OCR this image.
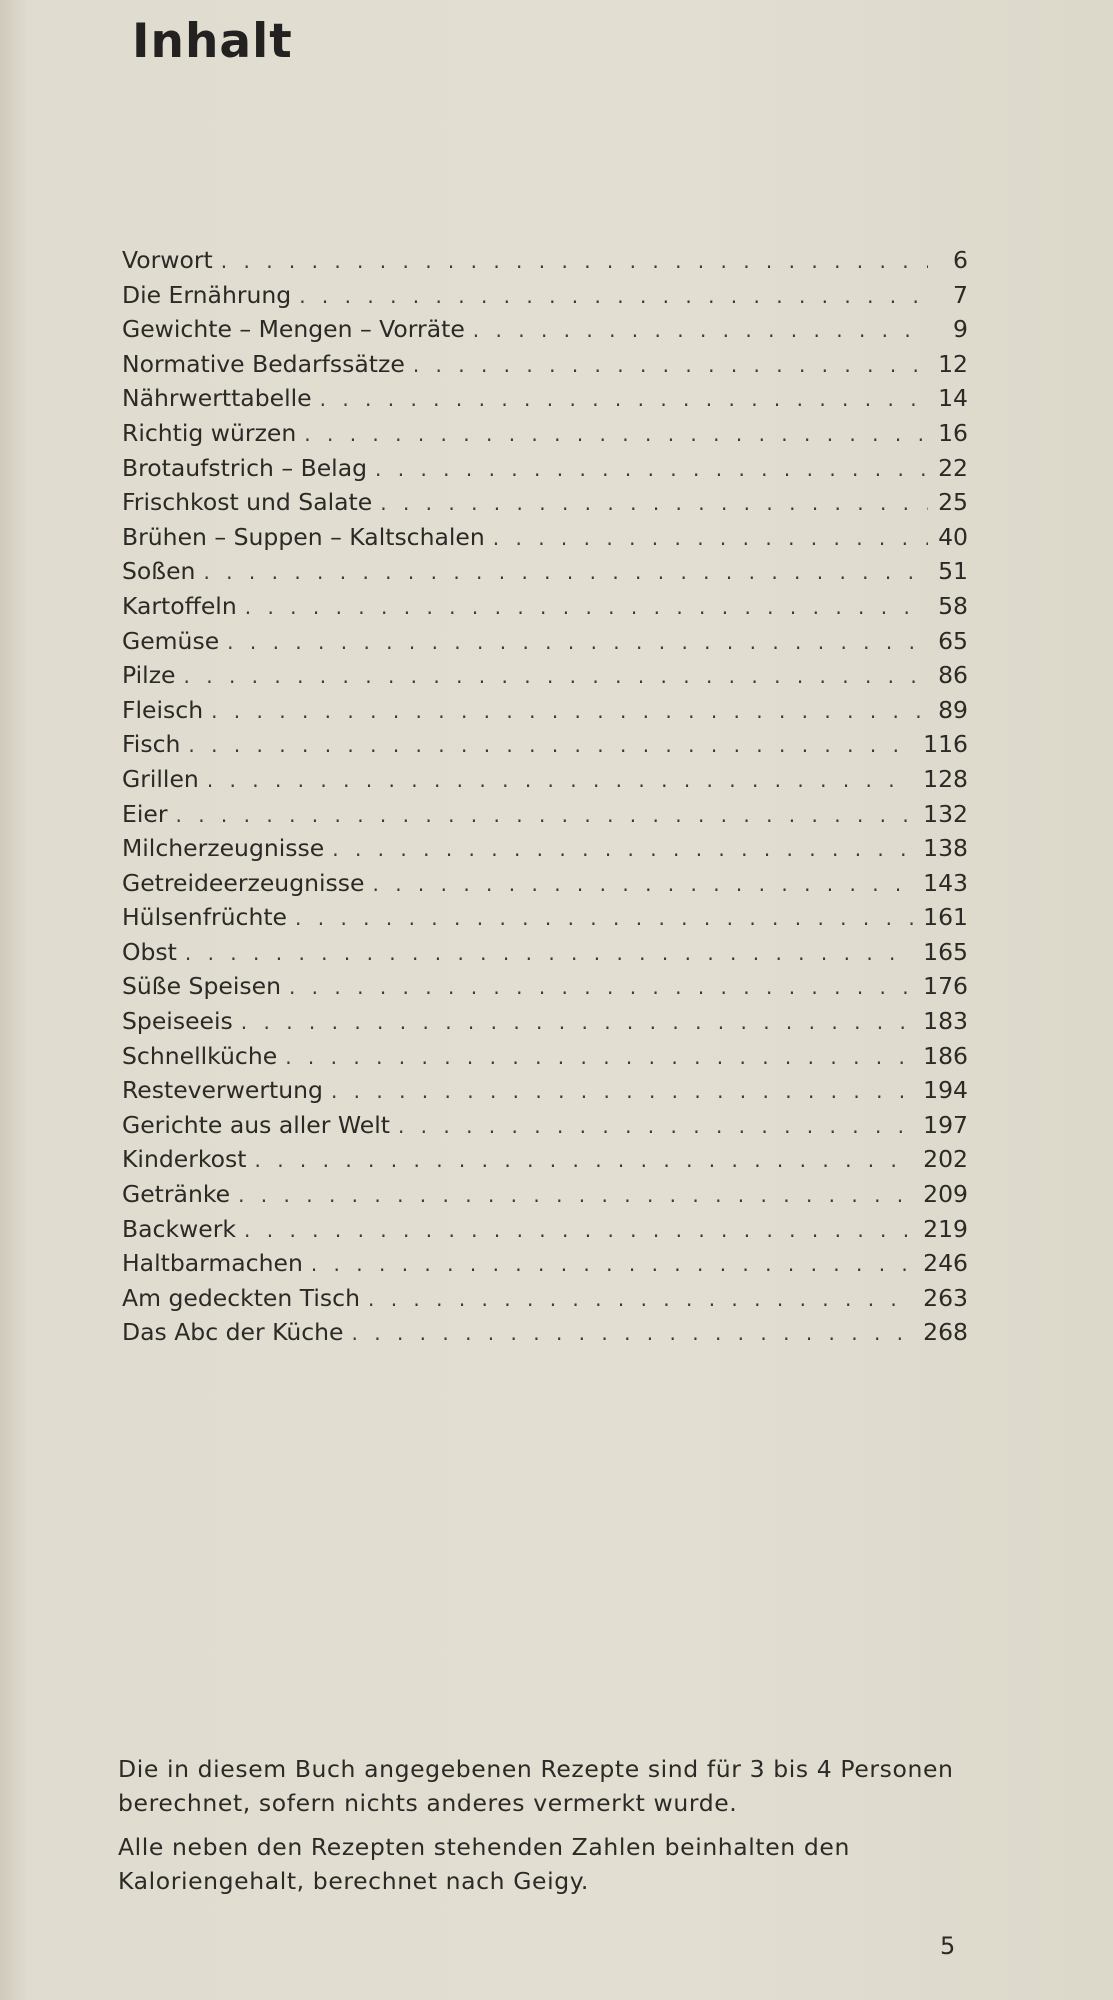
Inhalt
Vorwort . . .	6
Die Ernährung . . .	7
Gewichte – Mengen – Vorräte . . .	9
Normative Bedarfssätze . . .	12
Nährwerttabelle . . .	14
Richtig würzen . . .	16
Brotaufstrich – Belag . . .	22
Frischkost und Salate . . .	25
Brühen – Suppen – Kaltschalen . . .	40
Soßen . . .	51
Kartoffeln . . .	58
Gemüse . . .	65
Pilze . . .	86
Fleisch . . .	89
Fisch . . .	116
Grillen . . .	128
Eier . . .	132
Milcherzeugnisse . . .	138
Getreideerzeugnisse . . .	143
Hülsenfrüchte . . .	161
Obst . . .	165
Süße Speisen . . .	176
Speiseeis . . .	183
Schnellküche . . .	186
Resteverwertung . . .	194
Gerichte aus aller Welt . . .	197
Kinderkost . . .	202
Getränke . . .	209
Backwerk . . .	219
Haltbarmachen . . .	246
Am gedeckten Tisch . . .	263
Das Abc der Küche . . .	268
Die in diesem Buch angegebenen Rezepte sind für 3 bis 4 Personen berechnet, sofern nichts anderes vermerkt wurde.
Alle neben den Rezepten stehenden Zahlen beinhalten den Kaloriengehalt, berechnet nach Geigy.
5
